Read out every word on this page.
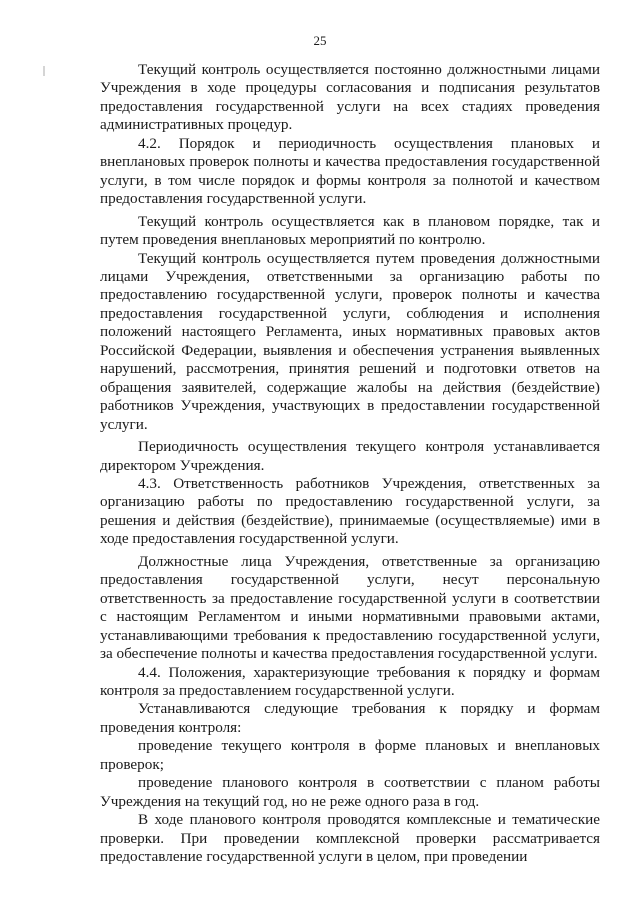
25

Текущий контроль осуществляется постоянно должностными лицами Учреждения в ходе процедуры согласования и подписания результатов предоставления государственной услуги на всех стадиях проведения административных процедур.

4.2. Порядок и периодичность осуществления плановых и внеплановых проверок полноты и качества предоставления государственной услуги, в том числе порядок и формы контроля за полнотой и качеством предоставления государственной услуги.

Текущий контроль осуществляется как в плановом порядке, так и путем проведения внеплановых мероприятий по контролю.

Текущий контроль осуществляется путем проведения должностными лицами Учреждения, ответственными за организацию работы по предоставлению государственной услуги, проверок полноты и качества предоставления государственной услуги, соблюдения и исполнения положений настоящего Регламента, иных нормативных правовых актов Российской Федерации, выявления и обеспечения устранения выявленных нарушений, рассмотрения, принятия решений и подготовки ответов на обращения заявителей, содержащие жалобы на действия (бездействие) работников Учреждения, участвующих в предоставлении государственной услуги.

Периодичность осуществления текущего контроля устанавливается директором Учреждения.

4.3. Ответственность работников Учреждения, ответственных за организацию работы по предоставлению государственной услуги, за решения и действия (бездействие), принимаемые (осуществляемые) ими в ходе предоставления государственной услуги.

Должностные лица Учреждения, ответственные за организацию предоставления государственной услуги, несут персональную ответственность за предоставление государственной услуги в соответствии с настоящим Регламентом и иными нормативными правовыми актами, устанавливающими требования к предоставлению государственной услуги, за обеспечение полноты и качества предоставления государственной услуги.

4.4. Положения, характеризующие требования к порядку и формам контроля за предоставлением государственной услуги.

Устанавливаются следующие требования к порядку и формам проведения контроля:

проведение текущего контроля в форме плановых и внеплановых проверок;

проведение планового контроля в соответствии с планом работы Учреждения на текущий год, но не реже одного раза в год.

В ходе планового контроля проводятся комплексные и тематические проверки. При проведении комплексной проверки рассматривается предоставление государственной услуги в целом, при проведении
